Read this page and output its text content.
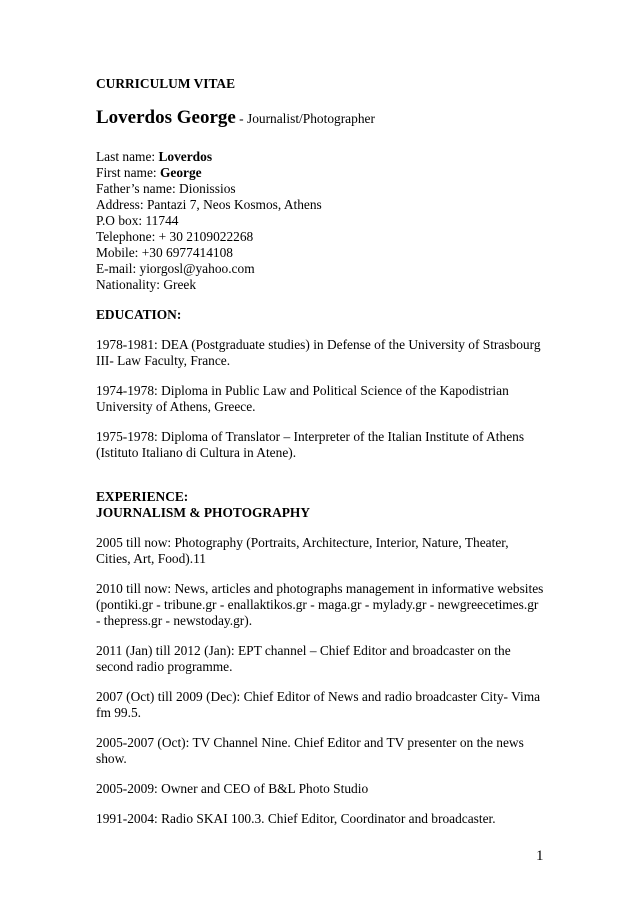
CURRICULUM VITAE

Loverdos George - Journalist/Photographer

Last name: Loverdos
First name: George
Father’s name: Dionissios
Address: Pantazi 7, Neos Kosmos, Athens
P.O box: 11744
Telephone: + 30 2109022268
Mobile: +30 6977414108
E-mail: yiorgosl@yahoo.com
Nationality: Greek

EDUCATION:

1978-1981: DEA (Postgraduate studies) in Defense of the University of Strasbourg III- Law Faculty, France.

1974-1978: Diploma in Public Law and Political Science of the Kapodistrian University of Athens, Greece.

1975-1978: Diploma of Translator – Interpreter of the Italian Institute of Athens (Istituto Italiano di Cultura in Atene).

EXPERIENCE:

JOURNALISM & PHOTOGRAPHY

2005 till now: Photography (Portraits, Architecture, Interior, Nature, Theater, Cities, Art, Food).11

2010 till now: News, articles and photographs management in informative websites (pontiki.gr - tribune.gr - enallaktikos.gr - maga.gr - mylady.gr - newgreecetimes.gr - thepress.gr - newstoday.gr).

2011 (Jan) till 2012 (Jan): EPT channel – Chief Editor and broadcaster on the second radio programme.

2007 (Oct) till 2009 (Dec): Chief Editor of News and radio broadcaster City- Vima fm 99.5.

2005-2007 (Oct): TV Channel Nine. Chief Editor and TV presenter on the news show.

2005-2009: Owner and CEO of B&L Photo Studio

1991-2004: Radio SKAI 100.3. Chief Editor, Coordinator and broadcaster.

1
